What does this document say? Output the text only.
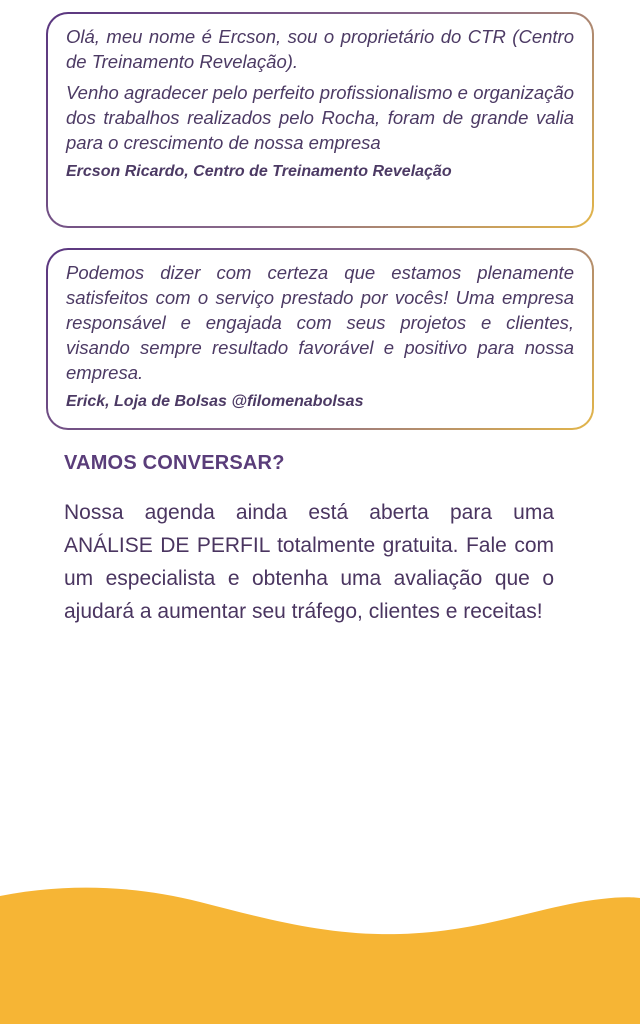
Olá, meu nome é Ercson, sou o proprietário do CTR (Centro de Treinamento Revelação).

Venho agradecer pelo perfeito profissionalismo e organização dos trabalhos realizados pelo Rocha, foram de grande valia para o crescimento de nossa empresa

Ercson Ricardo, Centro de Treinamento Revelação

Podemos dizer com certeza que estamos plenamente satisfeitos com o serviço prestado por vocês! Uma empresa responsável e engajada com seus projetos e clientes, visando sempre resultado favorável e positivo para nossa empresa.

Erick, Loja de Bolsas @filomenabolsas

VAMOS CONVERSAR?

Nossa agenda ainda está aberta para uma ANÁLISE DE PERFIL totalmente gratuita. Fale com um especialista e obtenha uma avaliação que o ajudará a aumentar seu tráfego, clientes e receitas!
